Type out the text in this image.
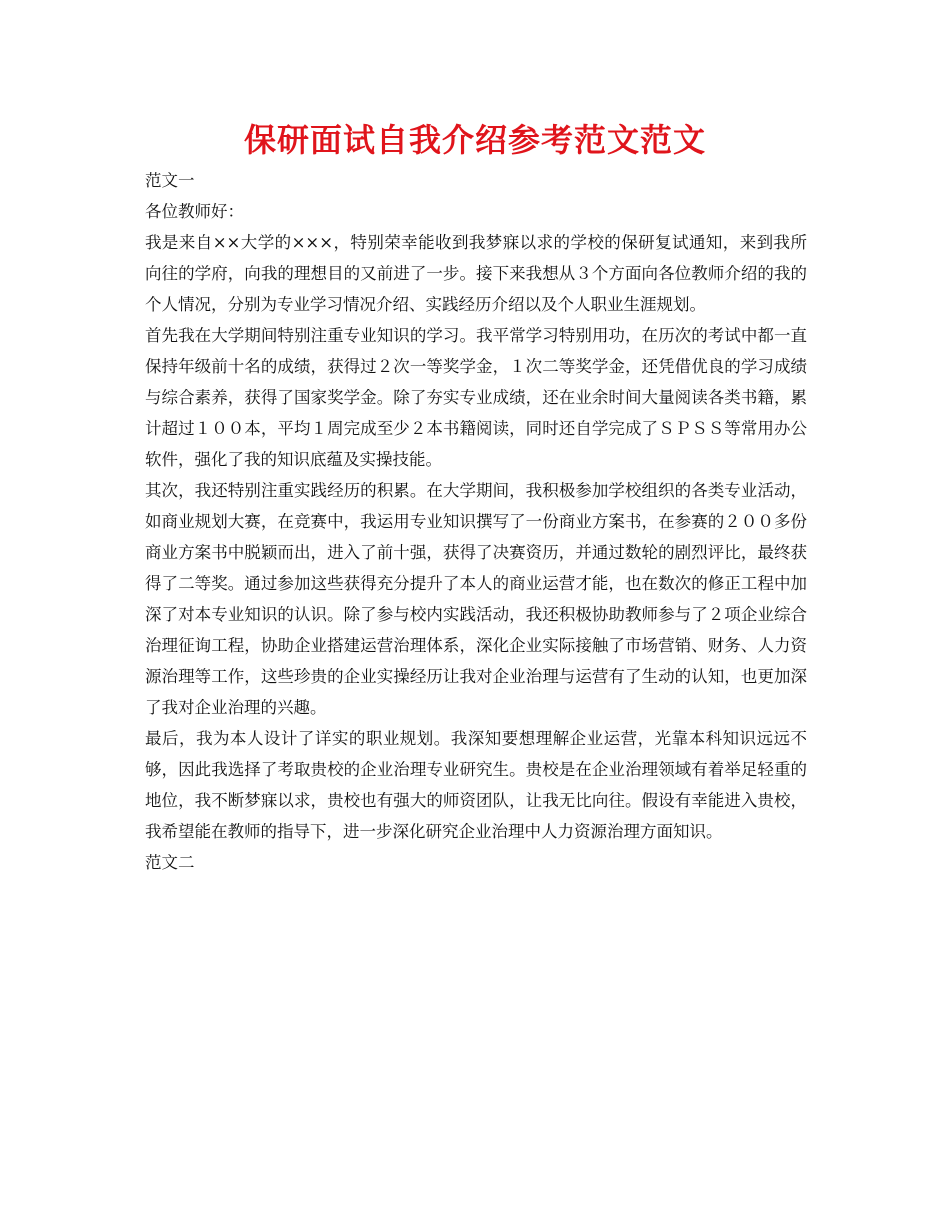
保研面试自我介绍参考范文范文

范文一

各位教师好：

我是来自××大学的×××，特别荣幸能收到我梦寐以求的学校的保研复试通知，来到我所向往的学府，向我的理想目的又前进了一步。接下来我想从３个方面向各位教师介绍的我的个人情况，分别为专业学习情况介绍、实践经历介绍以及个人职业生涯规划。

首先我在大学期间特别注重专业知识的学习。我平常学习特别用功，在历次的考试中都一直保持年级前十名的成绩，获得过２次一等奖学金，１次二等奖学金，还凭借优良的学习成绩与综合素养，获得了国家奖学金。除了夯实专业成绩，还在业余时间大量阅读各类书籍，累计超过１００本，平均１周完成至少２本书籍阅读，同时还自学完成了ＳＰＳＳ等常用办公软件，强化了我的知识底蕴及实操技能。

其次，我还特别注重实践经历的积累。在大学期间，我积极参加学校组织的各类专业活动，如商业规划大赛，在竞赛中，我运用专业知识撰写了一份商业方案书，在参赛的２００多份商业方案书中脱颖而出，进入了前十强，获得了决赛资历，并通过数轮的剧烈评比，最终获得了二等奖。通过参加这些获得充分提升了本人的商业运营才能，也在数次的修正工程中加深了对本专业知识的认识。除了参与校内实践活动，我还积极协助教师参与了２项企业综合治理征询工程，协助企业搭建运营治理体系，深化企业实际接触了市场营销、财务、人力资源治理等工作，这些珍贵的企业实操经历让我对企业治理与运营有了生动的认知，也更加深了我对企业治理的兴趣。

最后，我为本人设计了详实的职业规划。我深知要想理解企业运营，光靠本科知识远远不够，因此我选择了考取贵校的企业治理专业研究生。贵校是在企业治理领域有着举足轻重的地位，我不断梦寐以求，贵校也有强大的师资团队，让我无比向往。假设有幸能进入贵校，我希望能在教师的指导下，进一步深化研究企业治理中人力资源治理方面知识。

范文二
